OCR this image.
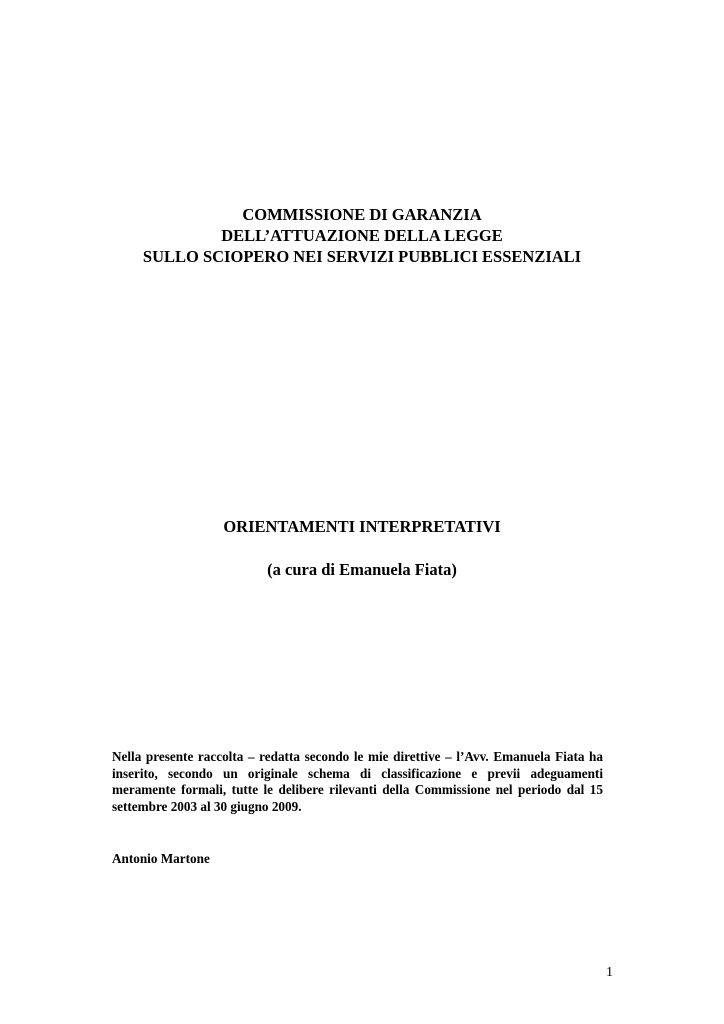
COMMISSIONE DI GARANZIA
DELL’ATTUAZIONE DELLA LEGGE
SULLO SCIOPERO NEI SERVIZI PUBBLICI ESSENZIALI
ORIENTAMENTI INTERPRETATIVI
(a cura di Emanuela Fiata)

Nella presente raccolta – redatta secondo le mie direttive – l’Avv. Emanuela Fiata ha inserito, secondo un originale schema di classificazione e previi adeguamenti meramente formali, tutte le delibere rilevanti della Commissione nel periodo dal 15 settembre 2003 al 30 giugno 2009.

Antonio Martone

1
